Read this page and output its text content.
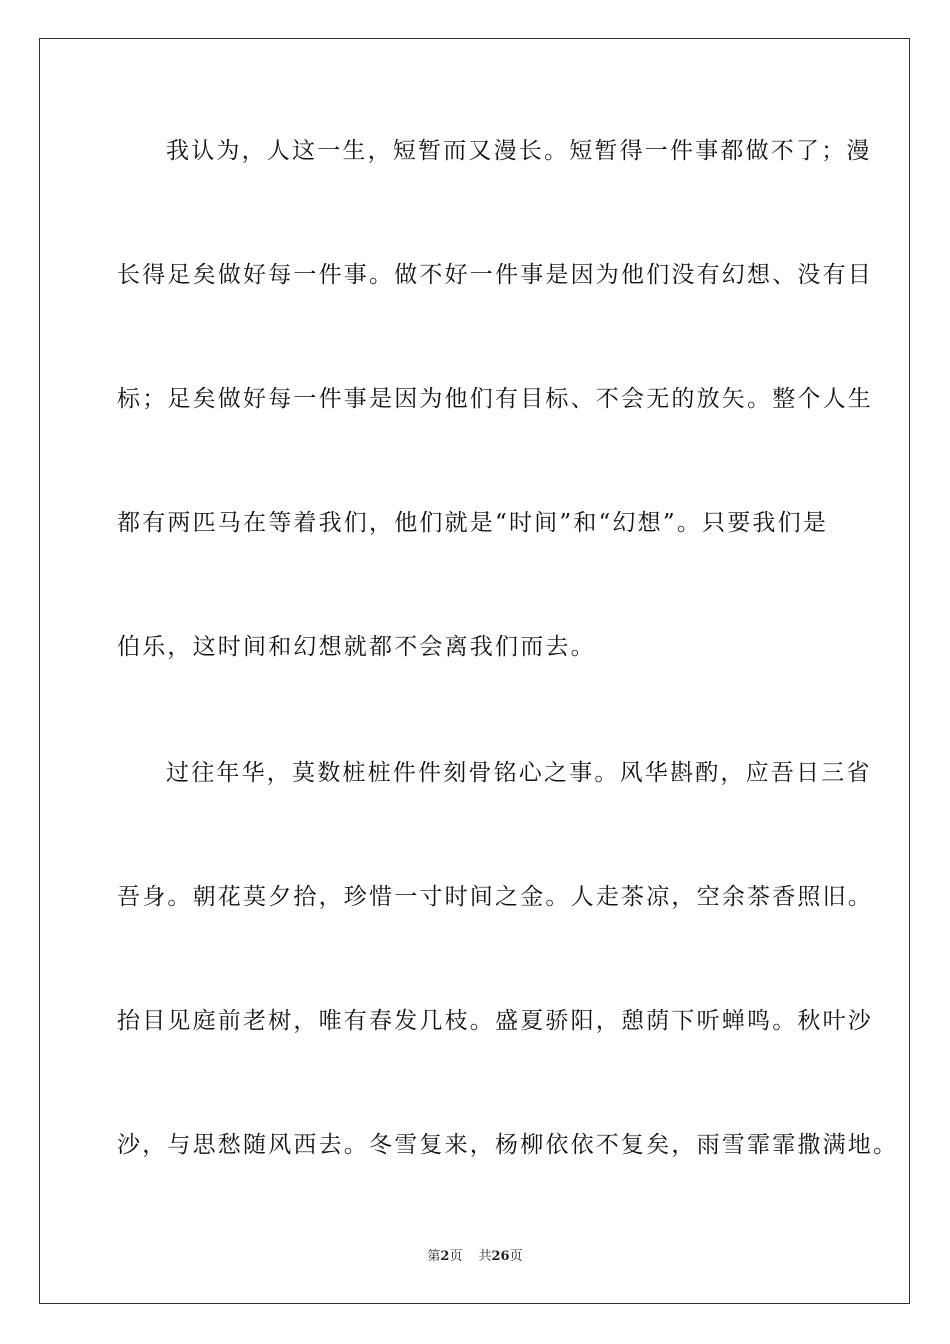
我认为，人这一生，短暂而又漫长。短暂得一件事都做不了；漫
长得足矣做好每一件事。做不好一件事是因为他们没有幻想、没有目
标；足矣做好每一件事是因为他们有目标、不会无的放矢。整个人生
都有两匹马在等着我们，他们就是“时间”和“幻想”。只要我们是
伯乐，这时间和幻想就都不会离我们而去。
过往年华，莫数桩桩件件刻骨铭心之事。风华斟酌，应吾日三省
吾身。朝花莫夕拾，珍惜一寸时间之金。人走茶凉，空余茶香照旧。
抬目见庭前老树，唯有春发几枝。盛夏骄阳，憩荫下听蝉鸣。秋叶沙
沙，与思愁随风西去。冬雪复来，杨柳依依不复矣，雨雪霏霏撒满地。
第2页 共26页
